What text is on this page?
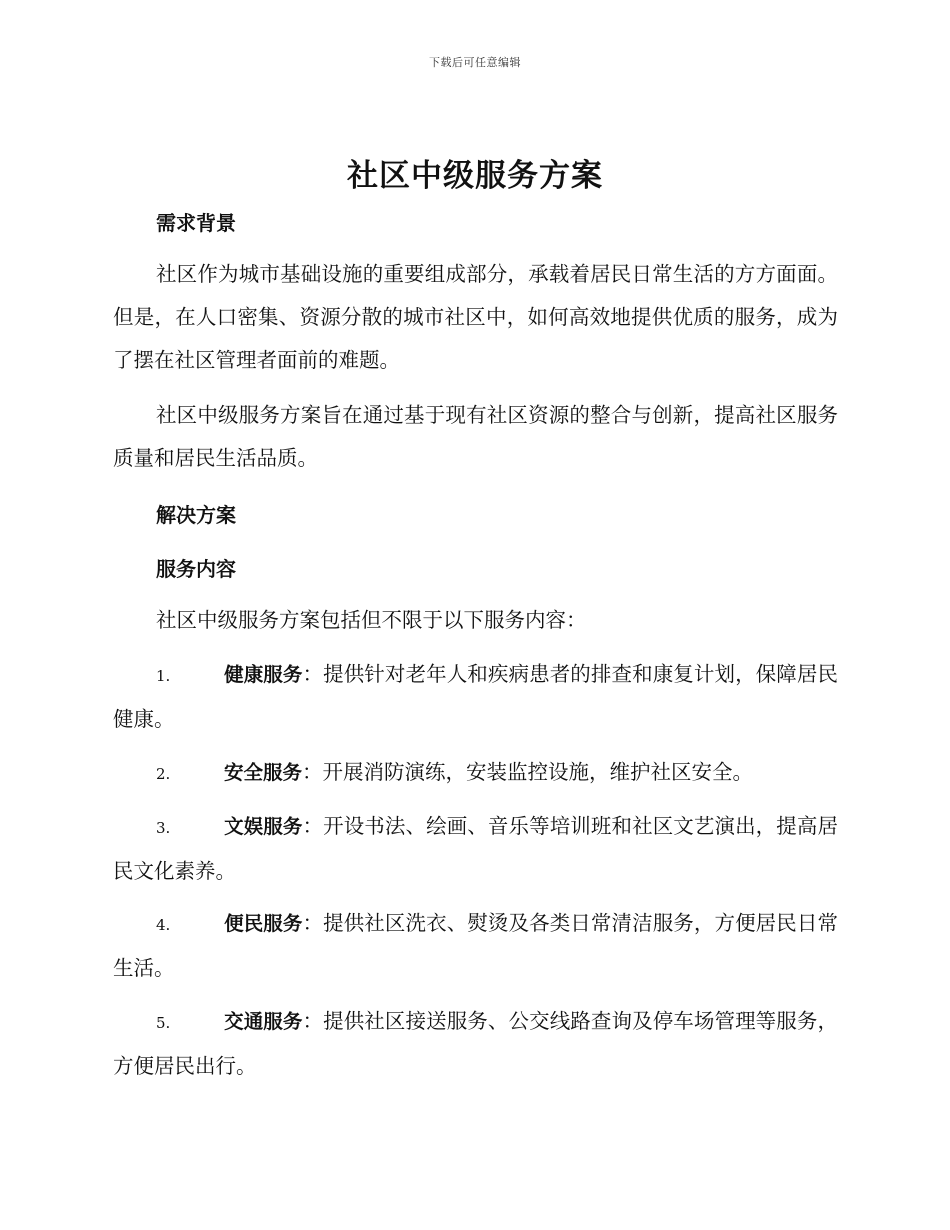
下载后可任意编辑
社区中级服务方案
需求背景

社区作为城市基础设施的重要组成部分，承载着居民日常生活的方方面面。但是，在人口密集、资源分散的城市社区中，如何高效地提供优质的服务，成为了摆在社区管理者面前的难题。

社区中级服务方案旨在通过基于现有社区资源的整合与创新，提高社区服务质量和居民生活品质。

解决方案
服务内容

社区中级服务方案包括但不限于以下服务内容：

1.	健康服务：提供针对老年人和疾病患者的排查和康复计划，保障居民健康。

2.	安全服务：开展消防演练，安装监控设施，维护社区安全。

3.	文娱服务：开设书法、绘画、音乐等培训班和社区文艺演出，提高居民文化素养。

4.	便民服务：提供社区洗衣、熨烫及各类日常清洁服务，方便居民日常生活。

5.	交通服务：提供社区接送服务、公交线路查询及停车场管理等服务，方便居民出行。
